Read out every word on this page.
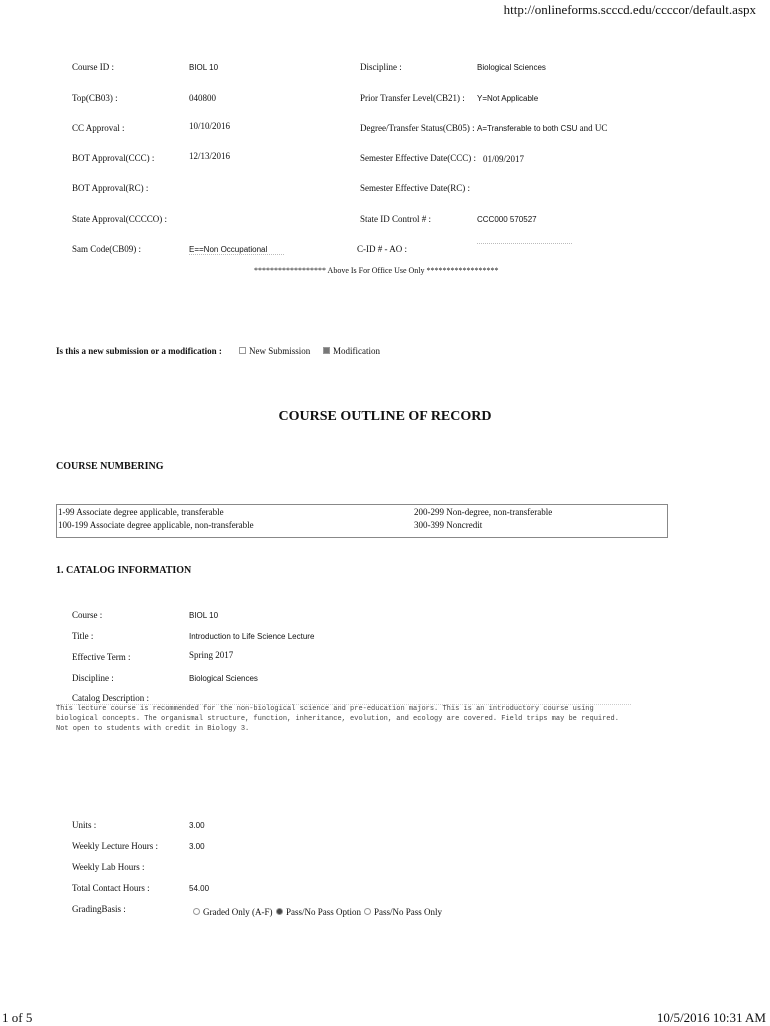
http://onlineforms.scccd.edu/ccccor/default.aspx
Course ID :	BIOL 10	Discipline :	Biological Sciences
Top(CB03) :	040800	Prior Transfer Level(CB21) : Y=Not Applicable
CC Approval :	10/10/2016	Degree/Transfer Status(CB05) : A=Transferable to both CSU and UC
BOT Approval(CCC) :	12/13/2016	Semester Effective Date(CCC) : 01/09/2017
BOT Approval(RC) :	Semester Effective Date(RC) :
State Approval(CCCCO) :	State ID Control # :	CCC000 570527
Sam Code(CB09) :	E==Non Occupational	C-ID # - AO :
****************** Above Is For Office Use Only ******************
Is this a new submission or a modification :	New Submission	Modification
COURSE OUTLINE OF RECORD
COURSE NUMBERING
1-99 Associate degree applicable, transferable	200-299 Non-degree, non-transferable
100-199 Associate degree applicable, non-transferable	300-399 Noncredit
1. CATALOG INFORMATION
Course :	BIOL 10
Title :	Introduction to Life Science Lecture
Effective Term :	Spring 2017
Discipline :	Biological Sciences
Catalog Description :
This lecture course is recommended for the non-biological science and pre-education majors. This is an introductory course using biological concepts. The organismal structure, function, inheritance, evolution, and ecology are covered. Field trips may be required. Not open to students with credit in Biology 3.
Units :	3.00
Weekly Lecture Hours :	3.00
Weekly Lab Hours :
Total Contact Hours :	54.00
GradingBasis :	Graded Only (A-F)	Pass/No Pass Option	Pass/No Pass Only
1 of 5	10/5/2016 10:31 AM
